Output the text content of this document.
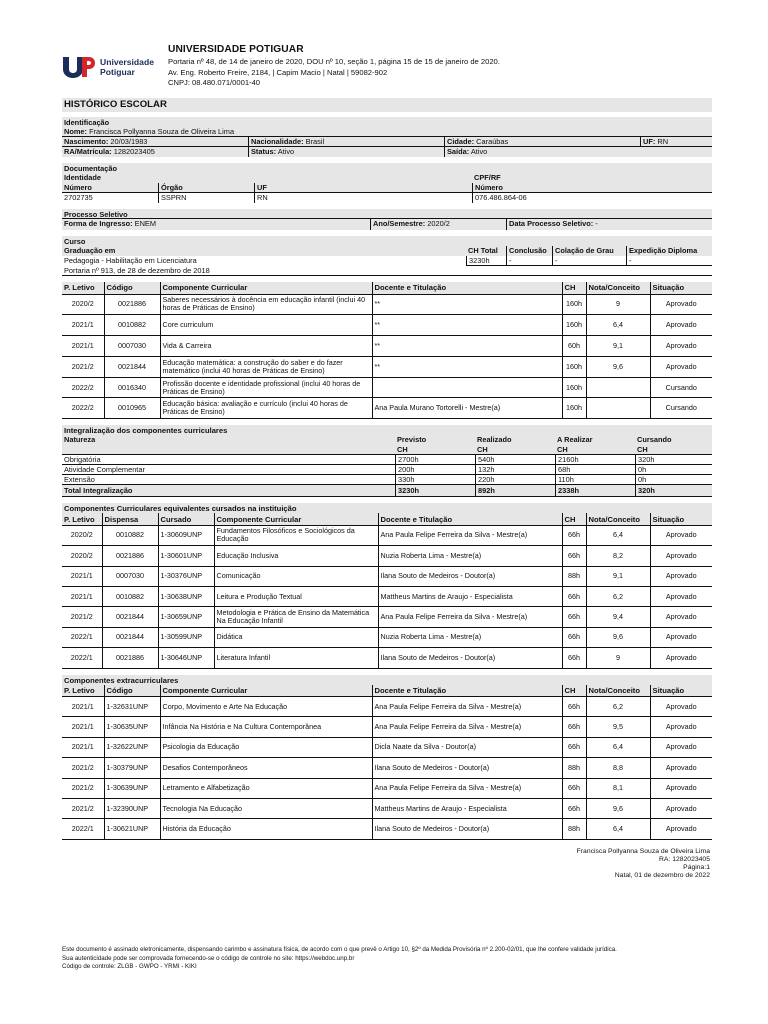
Universidade
Potiguar
UNIVERSIDADE POTIGUAR

Portaria nº 48, de 14 de janeiro de 2020, DOU nº 10, seção 1, página 15 de 15 de janeiro de 2020.

Av. Eng. Roberto Freire, 2184, | Capim Macio | Natal | 59082-902

CNPJ: 08.480.071/0001-40

HISTÓRICO ESCOLAR
Identificação
Nome: Francisca Pollyanna Souza de Oliveira Lima
Nascimento: 20/03/1983	Nacionalidade: Brasil	Cidade: Caraúbas	UF: RN
RA/Matrícula: 1282023405	Status: Ativo	Saída: Ativo
Documentação
Identidade	CPF/RF
Número	Órgão	UF	Número
2702735	SSPRN	RN	076.486.864-06
Processo Seletivo
Forma de Ingresso: ENEM	Ano/Semestre: 2020/2	Data Processo Seletivo: -
Curso
Graduação em	CH Total	Conclusão	Colação de Grau	Expedição Diploma
Pedagogia - Habilitação em Licenciatura	3230h	-	-	-
Portaria nº 913, de 28 de dezembro de 2018
P. Letivo	Código	Componente Curricular	Docente e Titulação	CH	Nota/Conceito	Situação
2020/2	0021886	Saberes necessários à docência em educação infantil (inclui 40 horas de Práticas de Ensino)	**	160h	9	Aprovado
2021/1	0010882	Core curriculum	**	160h	6,4	Aprovado
2021/1	0007030	Vida & Carreira	**	60h	9,1	Aprovado
2021/2	0021844	Educação matemática: a construção do saber e do fazer matemático (inclui 40 horas de Práticas de Ensino)	**	160h	9,6	Aprovado
2022/2	0016340	Profissão docente e identidade profissional (inclui 40 horas de Práticas de Ensino)		160h		Cursando
2022/2	0010965	Educação básica: avaliação e currículo (inclui 40 horas de Práticas de Ensino)	Ana Paula Murano Tortorelli - Mestre(a)	160h		Cursando
Integralização dos componentes curriculares
Natureza	Previsto	Realizado	A Realizar	Cursando
CH	CH	CH	CH
Obrigatória	2700h	540h	2160h	320h
Atividade Complementar	200h	132h	68h	0h
Extensão	330h	220h	110h	0h
Total Integralização	3230h	892h	2338h	320h
Componentes Curriculares equivalentes cursados na instituição
P. Letivo	Dispensa	Cursado	Componente Curricular	Docente e Titulação	CH	Nota/Conceito	Situação
2020/2	0010882	1-30609UNP	Fundamentos Filosóficos e Sociológicos da Educação	Ana Paula Felipe Ferreira da Silva - Mestre(a)	66h	6,4	Aprovado
2020/2	0021886	1-30601UNP	Educação Inclusiva	Nuzia Roberta Lima - Mestre(a)	66h	8,2	Aprovado
2021/1	0007030	1-30376UNP	Comunicação	Ilana Souto de Medeiros - Doutor(a)	88h	9,1	Aprovado
2021/1	0010882	1-30638UNP	Leitura e Produção Textual	Mattheus Martins de Araujo - Especialista	66h	6,2	Aprovado
2021/2	0021844	1-30659UNP	Metodologia e Prática de Ensino da Matemática Na Educação Infantil	Ana Paula Felipe Ferreira da Silva - Mestre(a)	66h	9,4	Aprovado
2022/1	0021844	1-30599UNP	Didática	Nuzia Roberta Lima - Mestre(a)	66h	9,6	Aprovado
2022/1	0021886	1-30646UNP	Literatura Infantil	Ilana Souto de Medeiros - Doutor(a)	66h	9	Aprovado
Componentes extracurriculares
P. Letivo	Código	Componente Curricular	Docente e Titulação	CH	Nota/Conceito	Situação
2021/1	1-32631UNP	Corpo, Movimento e Arte Na Educação	Ana Paula Felipe Ferreira da Silva - Mestre(a)	66h	6,2	Aprovado
2021/1	1-30635UNP	Infância Na História e Na Cultura Contemporânea	Ana Paula Felipe Ferreira da Silva - Mestre(a)	66h	9,5	Aprovado
2021/1	1-32622UNP	Psicologia da Educação	Dicla Naate da Silva - Doutor(a)	66h	6,4	Aprovado
2021/2	1-30379UNP	Desafios Contemporâneos	Ilana Souto de Medeiros - Doutor(a)	88h	8,8	Aprovado
2021/2	1-30639UNP	Letramento e Alfabetização	Ana Paula Felipe Ferreira da Silva - Mestre(a)	66h	8,1	Aprovado
2021/2	1-32390UNP	Tecnologia Na Educação	Mattheus Martins de Araujo - Especialista	66h	9,6	Aprovado
2022/1	1-30621UNP	História da Educação	Ilana Souto de Medeiros - Doutor(a)	88h	6,4	Aprovado
Francisca Pollyanna Souza de Oliveira Lima
RA: 1282023405
Página:1
Natal, 01 de dezembro de 2022
Este documento é assinado eletronicamente, dispensando carimbo e assinatura física, de acordo com o que prevê o Artigo 10, §2º da Medida Provisória nº 2.200-02/01, que lhe confere validade jurídica.
Sua autenticidade pode ser comprovada fornecendo-se o código de controle no site: https://webdoc.unp.br
Código de controle: ZLGB - GWPO - YRMI - KIKI
